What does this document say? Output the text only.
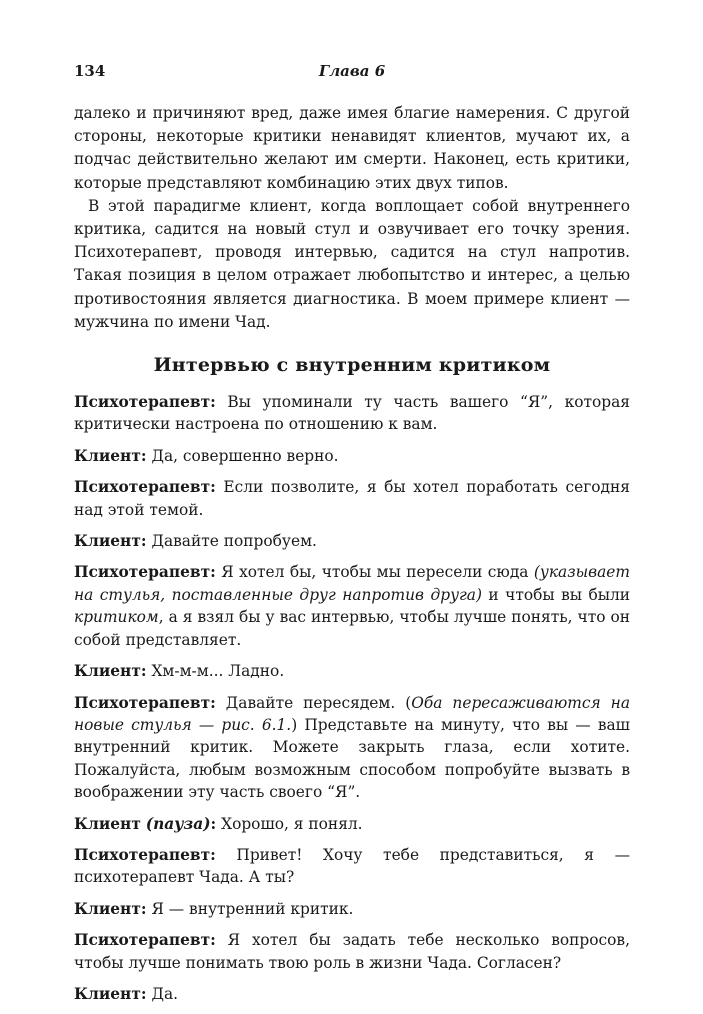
134	Глава 6

далеко и причиняют вред, даже имея благие намерения. С другой стороны, некоторые критики ненавидят клиентов, мучают их, а подчас действительно желают им смерти. Наконец, есть критики, которые представляют комбинацию этих двух типов.

В этой парадигме клиент, когда воплощает собой внутреннего критика, садится на новый стул и озвучивает его точку зрения. Психотерапевт, проводя интервью, садится на стул напротив. Такая позиция в целом отражает любопытство и интерес, а целью противостояния является диагностика. В моем примере клиент — мужчина по имени Чад.

Интервью с внутренним критиком

Психотерапевт: Вы упоминали ту часть вашего “Я”, которая критически настроена по отношению к вам.

Клиент: Да, совершенно верно.

Психотерапевт: Если позволите, я бы хотел поработать сегодня над этой темой.

Клиент: Давайте попробуем.

Психотерапевт: Я хотел бы, чтобы мы пересели сюда (указывает на стулья, поставленные друг напротив друга) и чтобы вы были критиком, а я взял бы у вас интервью, чтобы лучше понять, что он собой представляет.

Клиент: Хм-м-м... Ладно.

Психотерапевт: Давайте пересядем. (Оба пересаживаются на новые стулья — рис. 6.1.) Представьте на минуту, что вы — ваш внутренний критик. Можете закрыть глаза, если хотите. Пожалуйста, любым возможным способом попробуйте вызвать в воображении эту часть своего “Я”.

Клиент (пауза): Хорошо, я понял.

Психотерапевт: Привет! Хочу тебе представиться, я — психотерапевт Чада. А ты?

Клиент: Я — внутренний критик.

Психотерапевт: Я хотел бы задать тебе несколько вопросов, чтобы лучше понимать твою роль в жизни Чада. Согласен?

Клиент: Да.
